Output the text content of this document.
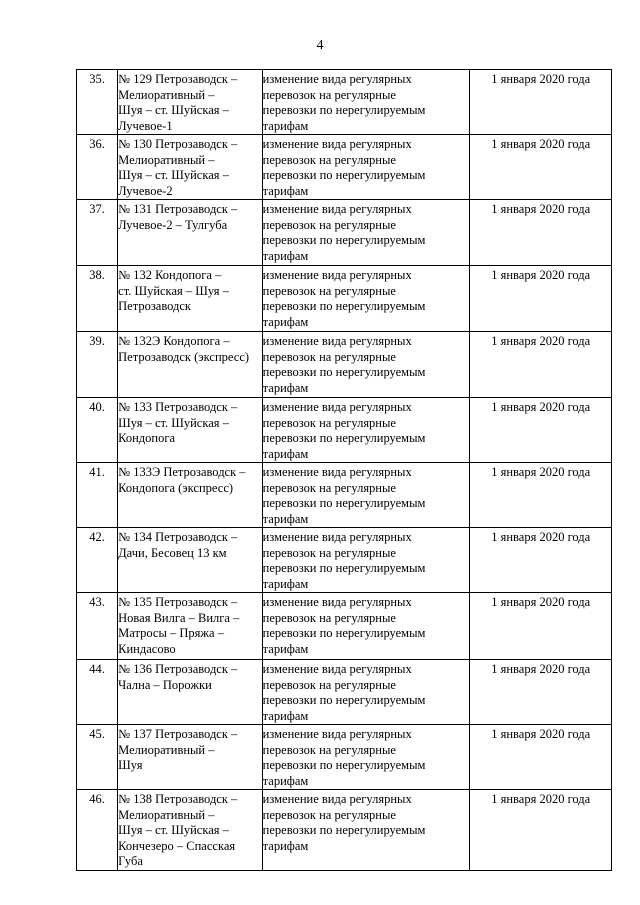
4
35.	№ 129 Петрозаводск –
Мелиоративный –
Шуя – ст. Шуйская –
Лучевое-1	изменение вида регулярных
перевозок на регулярные
перевозки по нерегулируемым
тарифам	1 января 2020 года
36.	№ 130 Петрозаводск –
Мелиоративный –
Шуя – ст. Шуйская –
Лучевое-2	изменение вида регулярных
перевозок на регулярные
перевозки по нерегулируемым
тарифам	1 января 2020 года
37.	№ 131 Петрозаводск –
Лучевое-2 – Тулгуба	изменение вида регулярных
перевозок на регулярные
перевозки по нерегулируемым
тарифам	1 января 2020 года
38.	№ 132 Кондопога –
ст. Шуйская – Шуя –
Петрозаводск	изменение вида регулярных
перевозок на регулярные
перевозки по нерегулируемым
тарифам	1 января 2020 года
39.	№ 132Э Кондопога –
Петрозаводск (экспресс)	изменение вида регулярных
перевозок на регулярные
перевозки по нерегулируемым
тарифам	1 января 2020 года
40.	№ 133 Петрозаводск –
Шуя – ст. Шуйская –
Кондопога	изменение вида регулярных
перевозок на регулярные
перевозки по нерегулируемым
тарифам	1 января 2020 года
41.	№ 133Э Петрозаводск –
Кондопога (экспресс)	изменение вида регулярных
перевозок на регулярные
перевозки по нерегулируемым
тарифам	1 января 2020 года
42.	№ 134 Петрозаводск –
Дачи, Бесовец 13 км	изменение вида регулярных
перевозок на регулярные
перевозки по нерегулируемым
тарифам	1 января 2020 года
43.	№ 135 Петрозаводск –
Новая Вилга – Вилга –
Матросы – Пряжа –
Киндасово	изменение вида регулярных
перевозок на регулярные
перевозки по нерегулируемым
тарифам	1 января 2020 года
44.	№ 136 Петрозаводск –
Чална – Порожки	изменение вида регулярных
перевозок на регулярные
перевозки по нерегулируемым
тарифам	1 января 2020 года
45.	№ 137 Петрозаводск –
Мелиоративный –
Шуя	изменение вида регулярных
перевозок на регулярные
перевозки по нерегулируемым
тарифам	1 января 2020 года
46.	№ 138 Петрозаводск –
Мелиоративный –
Шуя – ст. Шуйская –
Кончезеро – Спасская
Губа	изменение вида регулярных
перевозок на регулярные
перевозки по нерегулируемым
тарифам	1 января 2020 года
